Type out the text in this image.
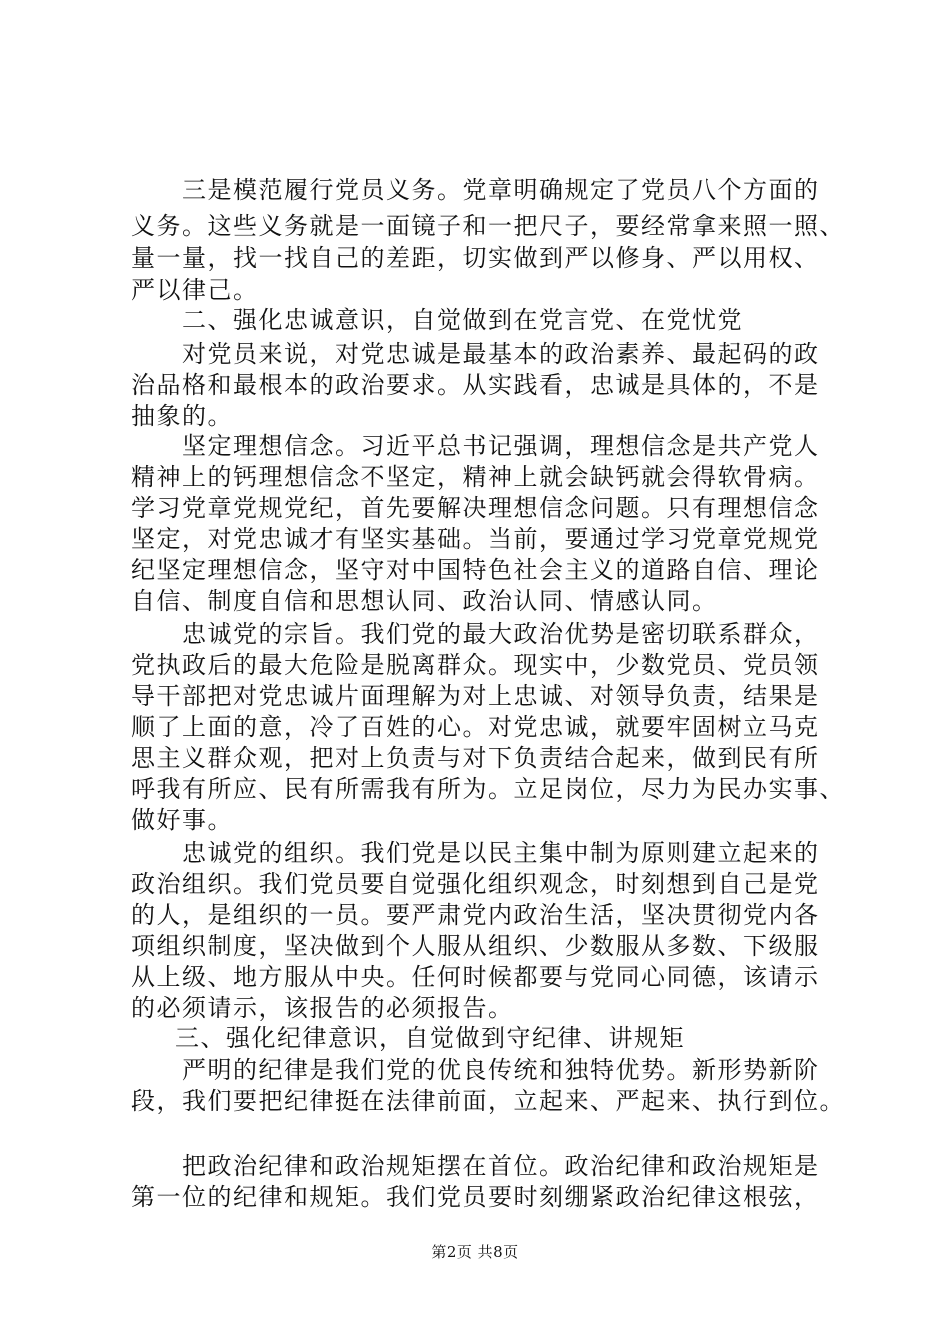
三是模范履行党员义务。党章明确规定了党员八个方面的
义务。这些义务就是一面镜子和一把尺子，要经常拿来照一照、
量一量，找一找自己的差距，切实做到严以修身、严以用权、
严以律己。
二、强化忠诚意识，自觉做到在党言党、在党忧党
对党员来说，对党忠诚是最基本的政治素养、最起码的政
治品格和最根本的政治要求。从实践看，忠诚是具体的，不是
抽象的。
坚定理想信念。习近平总书记强调，理想信念是共产党人
精神上的钙理想信念不坚定，精神上就会缺钙就会得软骨病。
学习党章党规党纪，首先要解决理想信念问题。只有理想信念
坚定，对党忠诚才有坚实基础。当前，要通过学习党章党规党
纪坚定理想信念，坚守对中国特色社会主义的道路自信、理论
自信、制度自信和思想认同、政治认同、情感认同。
忠诚党的宗旨。我们党的最大政治优势是密切联系群众，
党执政后的最大危险是脱离群众。现实中，少数党员、党员领
导干部把对党忠诚片面理解为对上忠诚、对领导负责，结果是
顺了上面的意，冷了百姓的心。对党忠诚，就要牢固树立马克
思主义群众观，把对上负责与对下负责结合起来，做到民有所
呼我有所应、民有所需我有所为。立足岗位，尽力为民办实事、
做好事。
忠诚党的组织。我们党是以民主集中制为原则建立起来的
政治组织。我们党员要自觉强化组织观念，时刻想到自己是党
的人，是组织的一员。要严肃党内政治生活，坚决贯彻党内各
项组织制度，坚决做到个人服从组织、少数服从多数、下级服
从上级、地方服从中央。任何时候都要与党同心同德，该请示
的必须请示，该报告的必须报告。
三、强化纪律意识，自觉做到守纪律、讲规矩
严明的纪律是我们党的优良传统和独特优势。新形势新阶
段，我们要把纪律挺在法律前面，立起来、严起来、执行到位。
把政治纪律和政治规矩摆在首位。政治纪律和政治规矩是
第一位的纪律和规矩。我们党员要时刻绷紧政治纪律这根弦，
第2页 共8页
